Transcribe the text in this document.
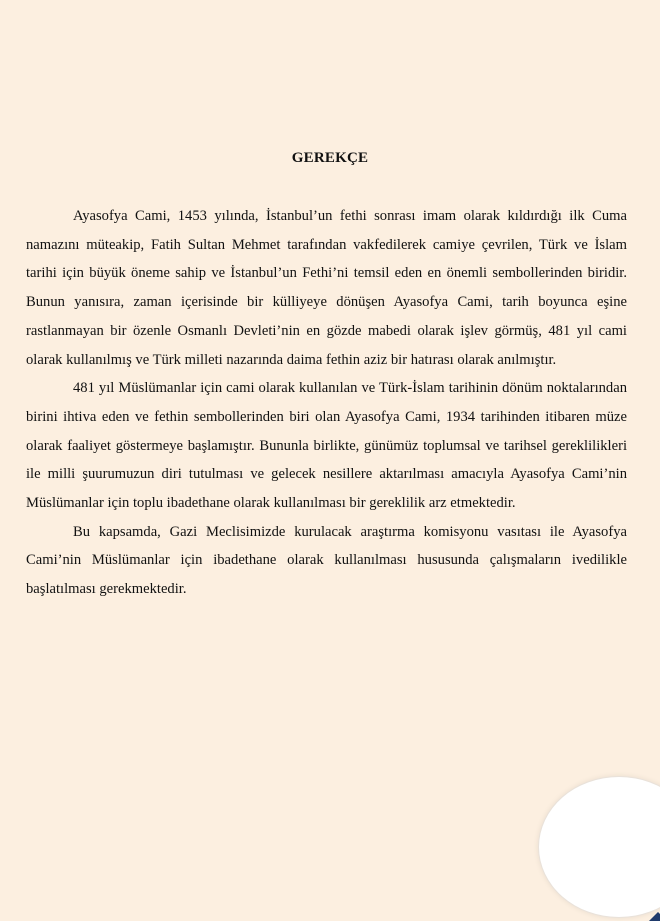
GEREKÇE

Ayasofya Cami, 1453 yılında, İstanbul’un fethi sonrası imam olarak kıldırdığı ilk Cuma namazını müteakip, Fatih Sultan Mehmet tarafından vakfedilerek camiye çevrilen, Türk ve İslam tarihi için büyük öneme sahip ve İstanbul’un Fethi’ni temsil eden en önemli sembollerinden biridir. Bunun yanısıra, zaman içerisinde bir külliyeye dönüşen Ayasofya Cami, tarih boyunca eşine rastlanmayan bir özenle Osmanlı Devleti’nin en gözde mabedi olarak işlev görmüş, 481 yıl cami olarak kullanılmış ve Türk milleti nazarında daima fethin aziz bir hatırası olarak anılmıştır.

481 yıl Müslümanlar için cami olarak kullanılan ve Türk-İslam tarihinin dönüm noktalarından birini ihtiva eden ve fethin sembollerinden biri olan Ayasofya Cami, 1934 tarihinden itibaren müze olarak faaliyet göstermeye başlamıştır. Bununla birlikte, günümüz toplumsal ve tarihsel gereklilikleri ile milli şuurumuzun diri tutulması ve gelecek nesillere aktarılması amacıyla Ayasofya Cami’nin Müslümanlar için toplu ibadethane olarak kullanılması bir gereklilik arz etmektedir.

Bu kapsamda, Gazi Meclisimizde kurulacak araştırma komisyonu vasıtası ile Ayasofya Cami’nin Müslümanlar için ibadethane olarak kullanılması hususunda çalışmaların ivedilikle başlatılması gerekmektedir.
